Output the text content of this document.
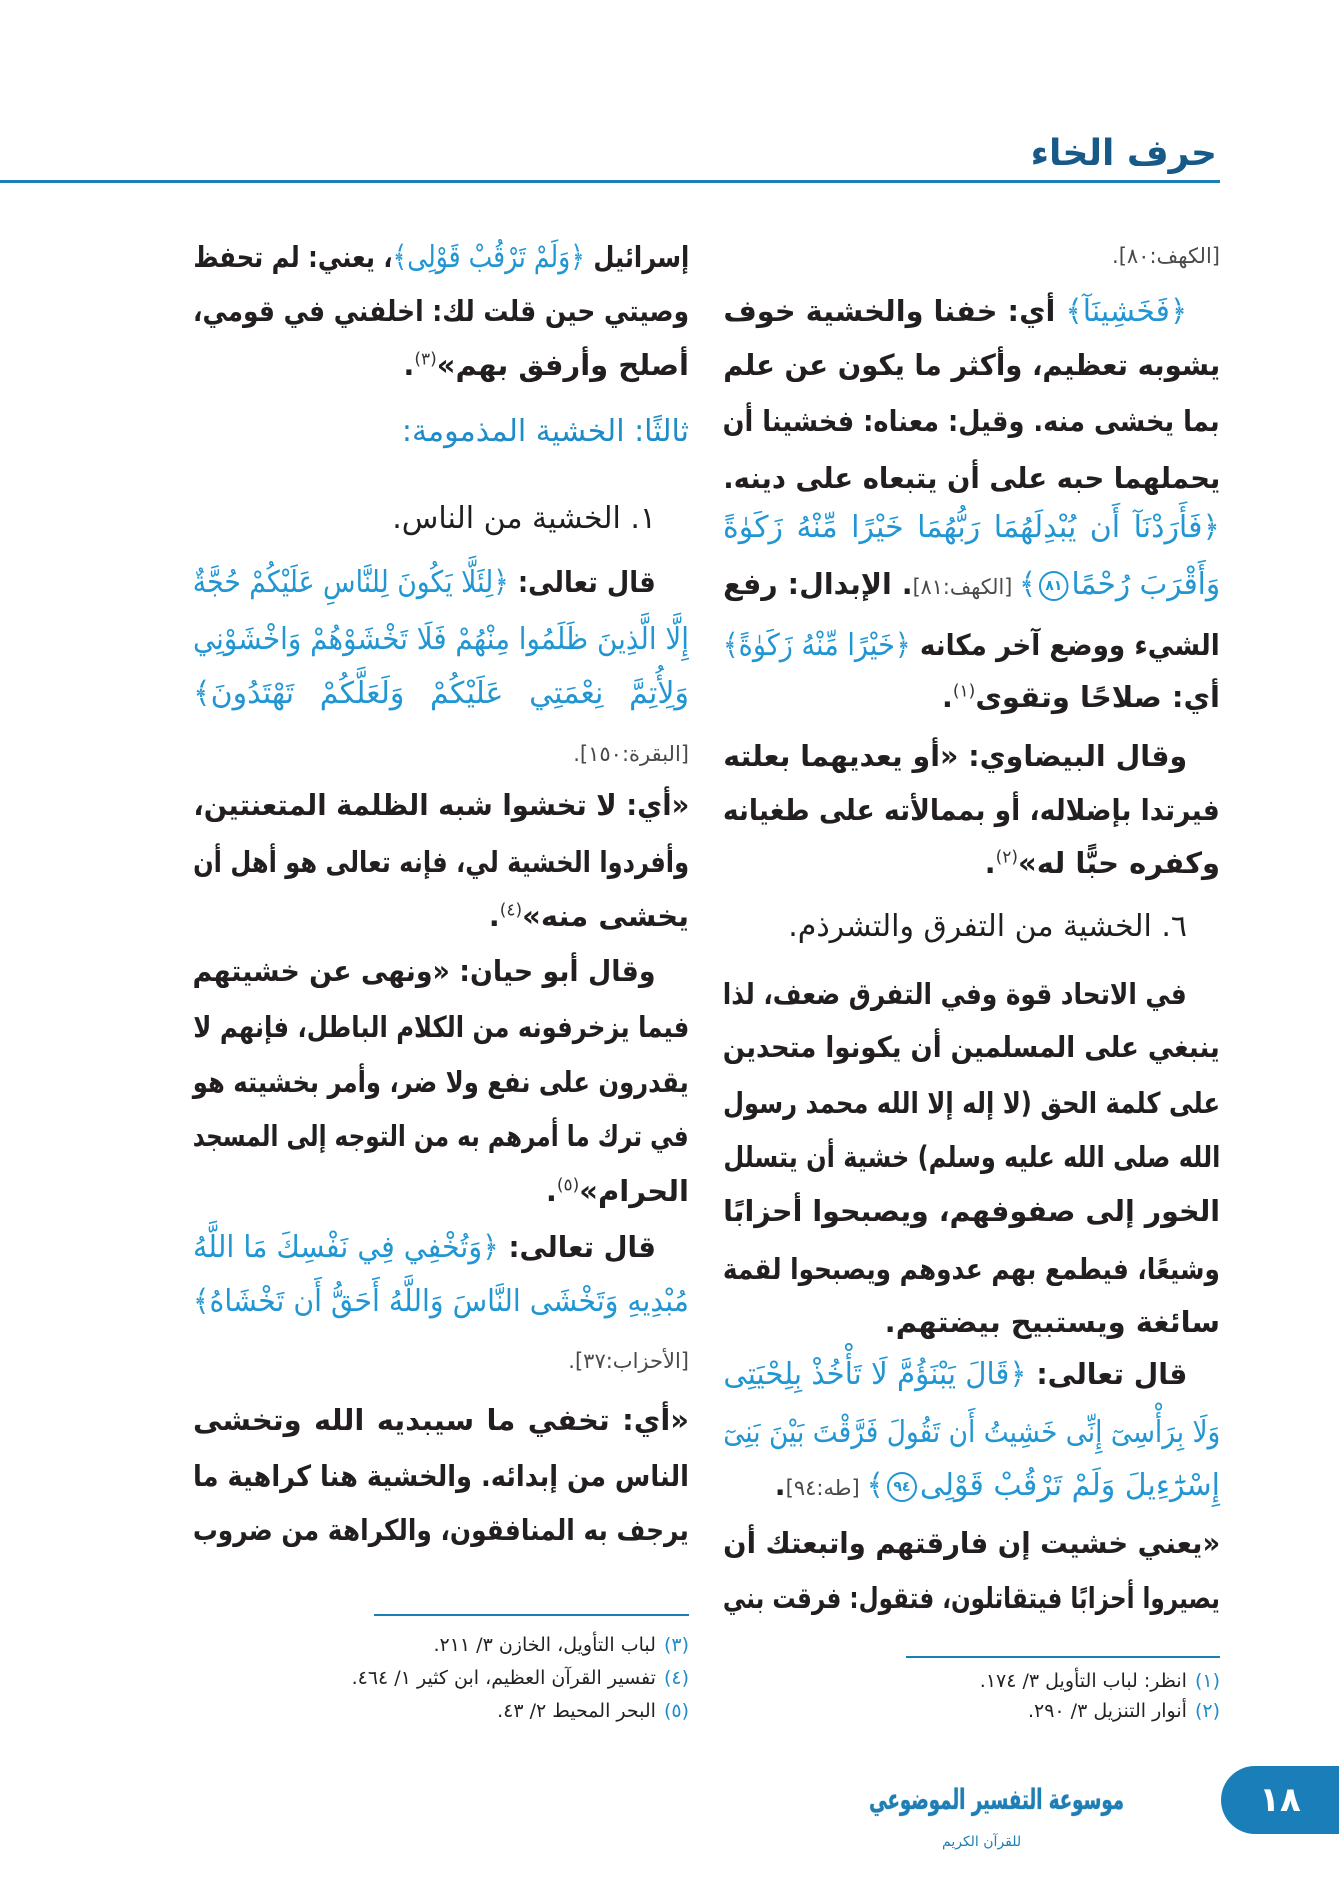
حرف الخاء
[الكهف:٨٠].
﴿فَخَشِينَآ﴾ أي: خفنا والخشية خوف
يشوبه تعظيم، وأكثر ما يكون عن علم
بما يخشى منه. وقيل: معناه: فخشينا أن
يحملهما حبه على أن يتبعاه على دينه.
﴿فَأَرَدْنَآ أَن يُبْدِلَهُمَا رَبُّهُمَا خَيْرًا مِّنْهُ زَكَوٰةً
وَأَقْرَبَ رُحْمًا٨١﴾ [الكهف:٨١]. الإبدال: رفع
الشيء ووضع آخر مكانه ﴿خَيْرًا مِّنْهُ زَكَوٰةً﴾
أي: صلاحًا وتقوى$^{(١)}$.
وقال البيضاوي: «أو يعديهما بعلته
فيرتدا بإضلاله، أو بممالأته على طغيانه
وكفره حبًّا له»$^{(٢)}$.
٦. الخشية من التفرق والتشرذم.
في الاتحاد قوة وفي التفرق ضعف، لذا
ينبغي على المسلمين أن يكونوا متحدين
على كلمة الحق (لا إله إلا الله محمد رسول
الله صلى الله عليه وسلم) خشية أن يتسلل
الخور إلى صفوفهم، ويصبحوا أحزابًا
وشيعًا، فيطمع بهم عدوهم ويصبحوا لقمة
سائغة ويستبيح بيضتهم.
قال تعالى: ﴿قَالَ يَبْنَؤُمَّ لَا تَأْخُذْ بِلِحْيَتِى
وَلَا بِرَأْسِىٓ إِنِّى خَشِيتُ أَن تَقُولَ فَرَّقْتَ بَيْنَ بَنِىٓ
إِسْرَٰٓءِيلَ وَلَمْ تَرْقُبْ قَوْلِى٩٤﴾ [طه:٩٤].
«يعني خشيت إن فارقتهم واتبعتك أن
يصيروا أحزابًا فيتقاتلون، فتقول: فرقت بني
إسرائيل ﴿وَلَمْ تَرْقُبْ قَوْلِى﴾، يعني: لم تحفظ
وصيتي حين قلت لك: اخلفني في قومي،
أصلح وأرفق بهم»$^{(٣)}$.
ثالثًا: الخشية المذمومة:
١. الخشية من الناس.
قال تعالى: ﴿لِئَلَّا يَكُونَ لِلنَّاسِ عَلَيْكُمْ حُجَّةٌ
إِلَّا الَّذِينَ ظَلَمُوا مِنْهُمْ فَلَا تَخْشَوْهُمْ وَاخْشَوْنِي
وَلِأُتِمَّ نِعْمَتِي عَلَيْكُمْ وَلَعَلَّكُمْ تَهْتَدُونَ﴾
[البقرة:١٥٠].
«أي: لا تخشوا شبه الظلمة المتعنتين،
وأفردوا الخشية لي، فإنه تعالى هو أهل أن
يخشى منه»$^{(٤)}$.
وقال أبو حيان: «ونهى عن خشيتهم
فيما يزخرفونه من الكلام الباطل، فإنهم لا
يقدرون على نفع ولا ضر، وأمر بخشيته هو
في ترك ما أمرهم به من التوجه إلى المسجد
الحرام»$^{(٥)}$.
قال تعالى: ﴿وَتُخْفِي فِي نَفْسِكَ مَا اللَّهُ
مُبْدِيهِ وَتَخْشَى النَّاسَ وَاللَّهُ أَحَقُّ أَن تَخْشَاهُ﴾
[الأحزاب:٣٧].
«أي: تخفي ما سيبديه الله وتخشى
الناس من إبدائه. والخشية هنا كراهية ما
يرجف به المنافقون، والكراهة من ضروب
(١)انظر: لباب التأويل ٣/ ١٧٤.
(٢)أنوار التنزيل ٣/ ٢٩٠.
(٣)لباب التأويل، الخازن ٣/ ٢١١.
(٤)تفسير القرآن العظيم، ابن كثير ١/ ٤٦٤.
(٥)البحر المحيط ٢/ ٤٣.
موسوعة التفسير الموضوعي
للقرآن الكريم
١٨
